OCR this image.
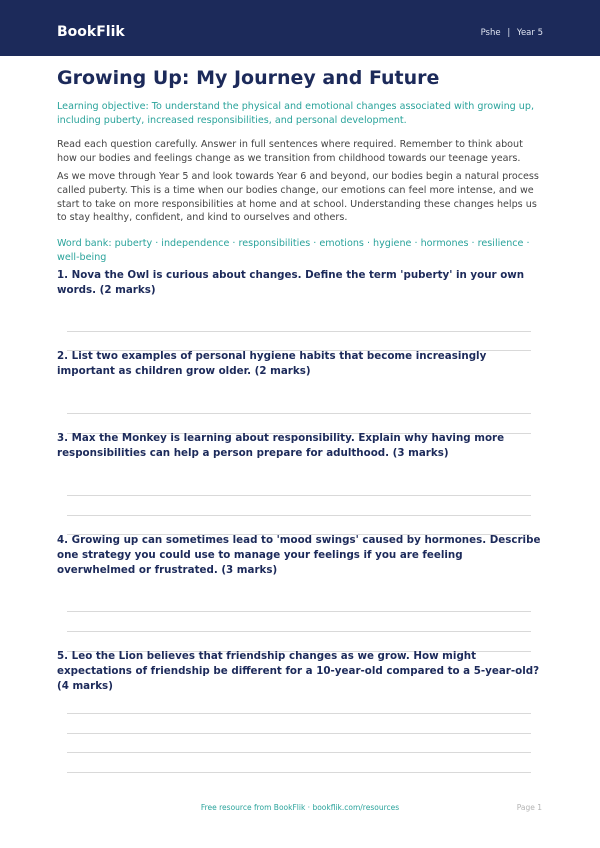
BookFlik	Pshe | Year 5
Growing Up: My Journey and Future

Learning objective: To understand the physical and emotional changes associated with growing up, including puberty, increased responsibilities, and personal development.

Read each question carefully. Answer in full sentences where required. Remember to think about how our bodies and feelings change as we transition from childhood towards our teenage years.

As we move through Year 5 and look towards Year 6 and beyond, our bodies begin a natural process called puberty. This is a time when our bodies change, our emotions can feel more intense, and we start to take on more responsibilities at home and at school. Understanding these changes helps us to stay healthy, confident, and kind to ourselves and others.

Word bank: puberty · independence · responsibilities · emotions · hygiene · hormones · resilience · well-being

1. Nova the Owl is curious about changes. Define the term 'puberty' in your own words. (2 marks)

2. List two examples of personal hygiene habits that become increasingly important as children grow older. (2 marks)

3. Max the Monkey is learning about responsibility. Explain why having more responsibilities can help a person prepare for adulthood. (3 marks)

4. Growing up can sometimes lead to 'mood swings' caused by hormones. Describe one strategy you could use to manage your feelings if you are feeling overwhelmed or frustrated. (3 marks)

5. Leo the Lion believes that friendship changes as we grow. How might expectations of friendship be different for a 10-year-old compared to a 5-year-old? (4 marks)

Free resource from BookFlik · bookflik.com/resources	Page 1
